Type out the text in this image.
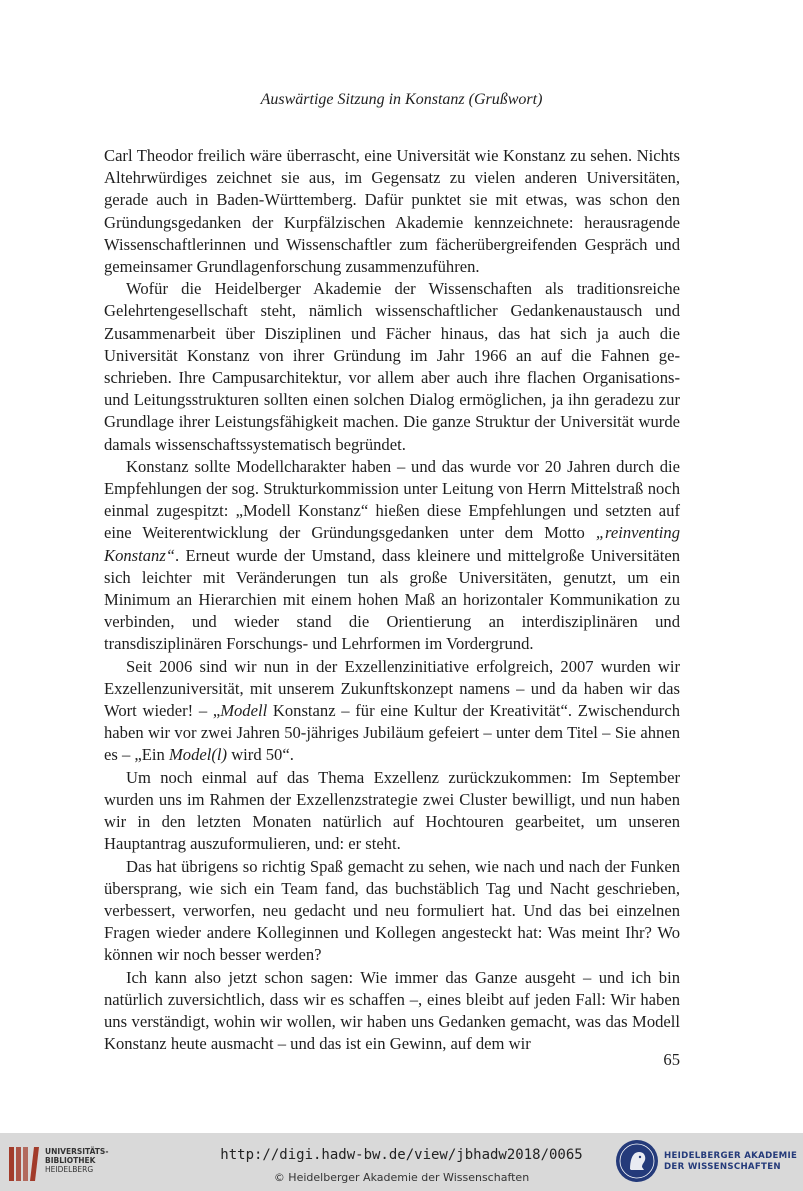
Auswärtige Sitzung in Konstanz (Grußwort)

Carl Theodor freilich wäre überrascht, eine Universität wie Konstanz zu sehen. Nichts Altehrwürdiges zeichnet sie aus, im Gegensatz zu vielen anderen Universitäten, gerade auch in Baden-Württemberg. Dafür punktet sie mit etwas, was schon den Gründungsgedanken der Kurpfälzischen Akademie kennzeichnete: herausragende Wissenschaftlerinnen und Wissenschaftler zum fächerübergreifenden Gespräch und gemeinsamer Grundlagenforschung zusammenzuführen.

Wofür die Heidelberger Akademie der Wissenschaften als traditionsreiche Gelehrtengesellschaft steht, nämlich wissenschaftlicher Gedankenaustausch und Zusammenarbeit über Disziplinen und Fächer hinaus, das hat sich ja auch die Universität Konstanz von ihrer Gründung im Jahr 1966 an auf die Fahnen geschrieben. Ihre Campusarchitektur, vor allem aber auch ihre flachen Organisations- und Leitungsstrukturen sollten einen solchen Dialog ermöglichen, ja ihn geradezu zur Grundlage ihrer Leistungsfähigkeit machen. Die ganze Struktur der Universität wurde damals wissenschaftssystematisch begründet.

Konstanz sollte Modellcharakter haben – und das wurde vor 20 Jahren durch die Empfehlungen der sog. Strukturkommission unter Leitung von Herrn Mittelstraß noch einmal zugespitzt: „Modell Konstanz“ hießen diese Empfehlungen und setzten auf eine Weiterentwicklung der Gründungsgedanken unter dem Motto „reinventing Konstanz“. Erneut wurde der Umstand, dass kleinere und mittelgroße Universitäten sich leichter mit Veränderungen tun als große Universitäten, genutzt, um ein Minimum an Hierarchien mit einem hohen Maß an horizontaler Kommunikation zu verbinden, und wieder stand die Orientierung an interdisziplinären und transdisziplinären Forschungs- und Lehrformen im Vordergrund.

Seit 2006 sind wir nun in der Exzellenzinitiative erfolgreich, 2007 wurden wir Exzellenzuniversität, mit unserem Zukunftskonzept namens – und da haben wir das Wort wieder! – „Modell Konstanz – für eine Kultur der Kreativität“. Zwischendurch haben wir vor zwei Jahren 50-jähriges Jubiläum gefeiert – unter dem Titel – Sie ahnen es – „Ein Model(l) wird 50“.

Um noch einmal auf das Thema Exzellenz zurückzukommen: Im September wurden uns im Rahmen der Exzellenzstrategie zwei Cluster bewilligt, und nun haben wir in den letzten Monaten natürlich auf Hochtouren gearbeitet, um unseren Hauptantrag auszuformulieren, und: er steht.

Das hat übrigens so richtig Spaß gemacht zu sehen, wie nach und nach der Funken übersprang, wie sich ein Team fand, das buchstäblich Tag und Nacht geschrieben, verbessert, verworfen, neu gedacht und neu formuliert hat. Und das bei einzelnen Fragen wieder andere Kolleginnen und Kollegen angesteckt hat: Was meint Ihr? Wo können wir noch besser werden?

Ich kann also jetzt schon sagen: Wie immer das Ganze ausgeht – und ich bin natürlich zuversichtlich, dass wir es schaffen –, eines bleibt auf jeden Fall: Wir haben uns verständigt, wohin wir wollen, wir haben uns Gedanken gemacht, was das Modell Konstanz heute ausmacht – und das ist ein Gewinn, auf dem wir

65
UNIVERSITÄTS-
BIBLIOTHEK
HEIDELBERG
http://digi.hadw-bw.de/view/jbhadw2018/0065
© Heidelberger Akademie der Wissenschaften
HEIDELBERGER AKADEMIE
DER WISSENSCHAFTEN
